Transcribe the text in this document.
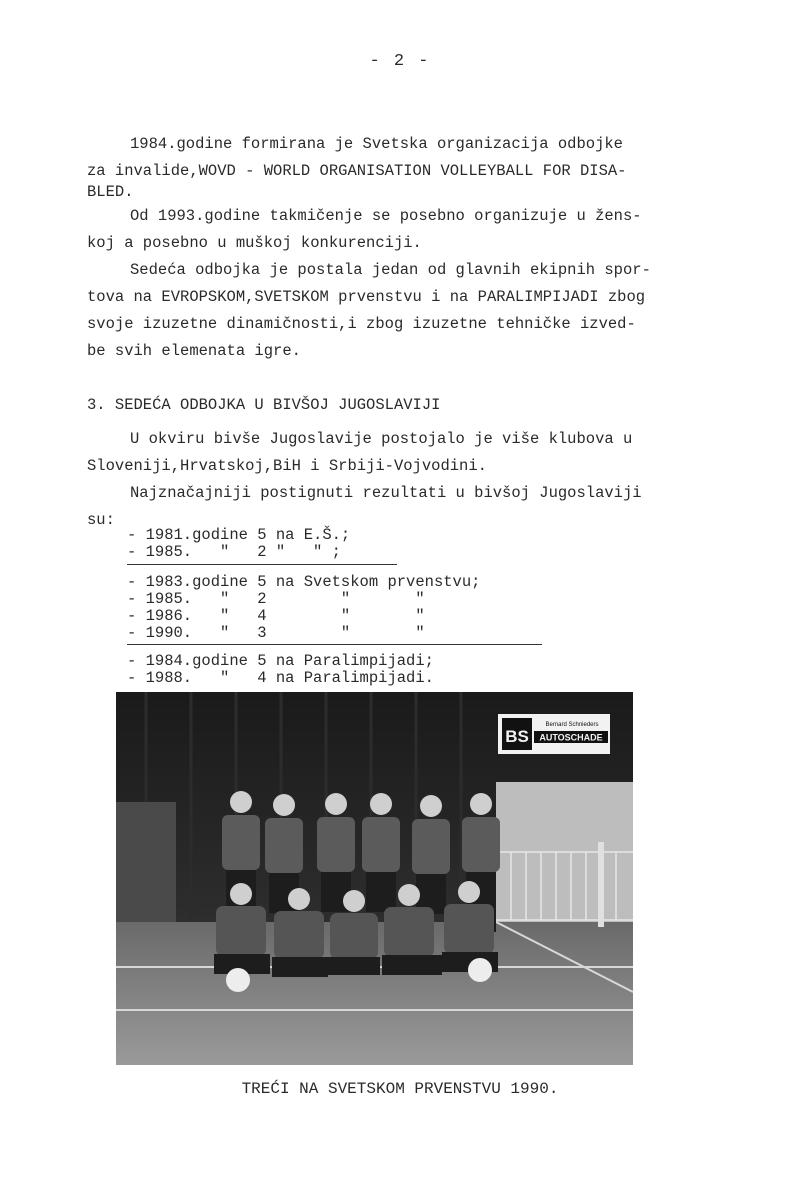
- 2 -
1984.godine formirana je Svetska organizacija odbojke
za invalide,WOVD - WORLD ORGANISATION VOLLEYBALL FOR DISA-
BLED.
Od 1993.godine takmičenje se posebno organizuje u žens-
koj a posebno u muškoj konkurenciji.
Sedeća odbojka je postala jedan od glavnih ekipnih spor-
tova na EVROPSKOM,SVETSKOM prvenstvu i na PARALIMPIJADI zbog
svoje izuzetne dinamičnosti,i zbog izuzetne tehničke izved-
be svih elemenata igre.
3. SEDEĆA ODBOJKA U BIVŠOJ JUGOSLAVIJI
U okviru bivše Jugoslavije postojalo je više klubova u
Sloveniji,Hrvatskoj,BiH i Srbiji-Vojvodini.
Najznačajniji postignuti rezultati u bivšoj Jugoslaviji
su:
- 1981.godine 5 na E.Š.;
- 1985.   "   2 "   " ;
- 1983.godine 5 na Svetskom prvenstvu;
- 1985.   "   2        "       "
- 1986.   "   4        "       "
- 1990.   "   3        "       "
- 1984.godine 5 na Paralimpijadi;
- 1988.   "   4 na Paralimpijadi.
BS
Bernard Schnieders
AUTOSCHADE
TREĆI NA SVETSKOM PRVENSTVU 1990.
